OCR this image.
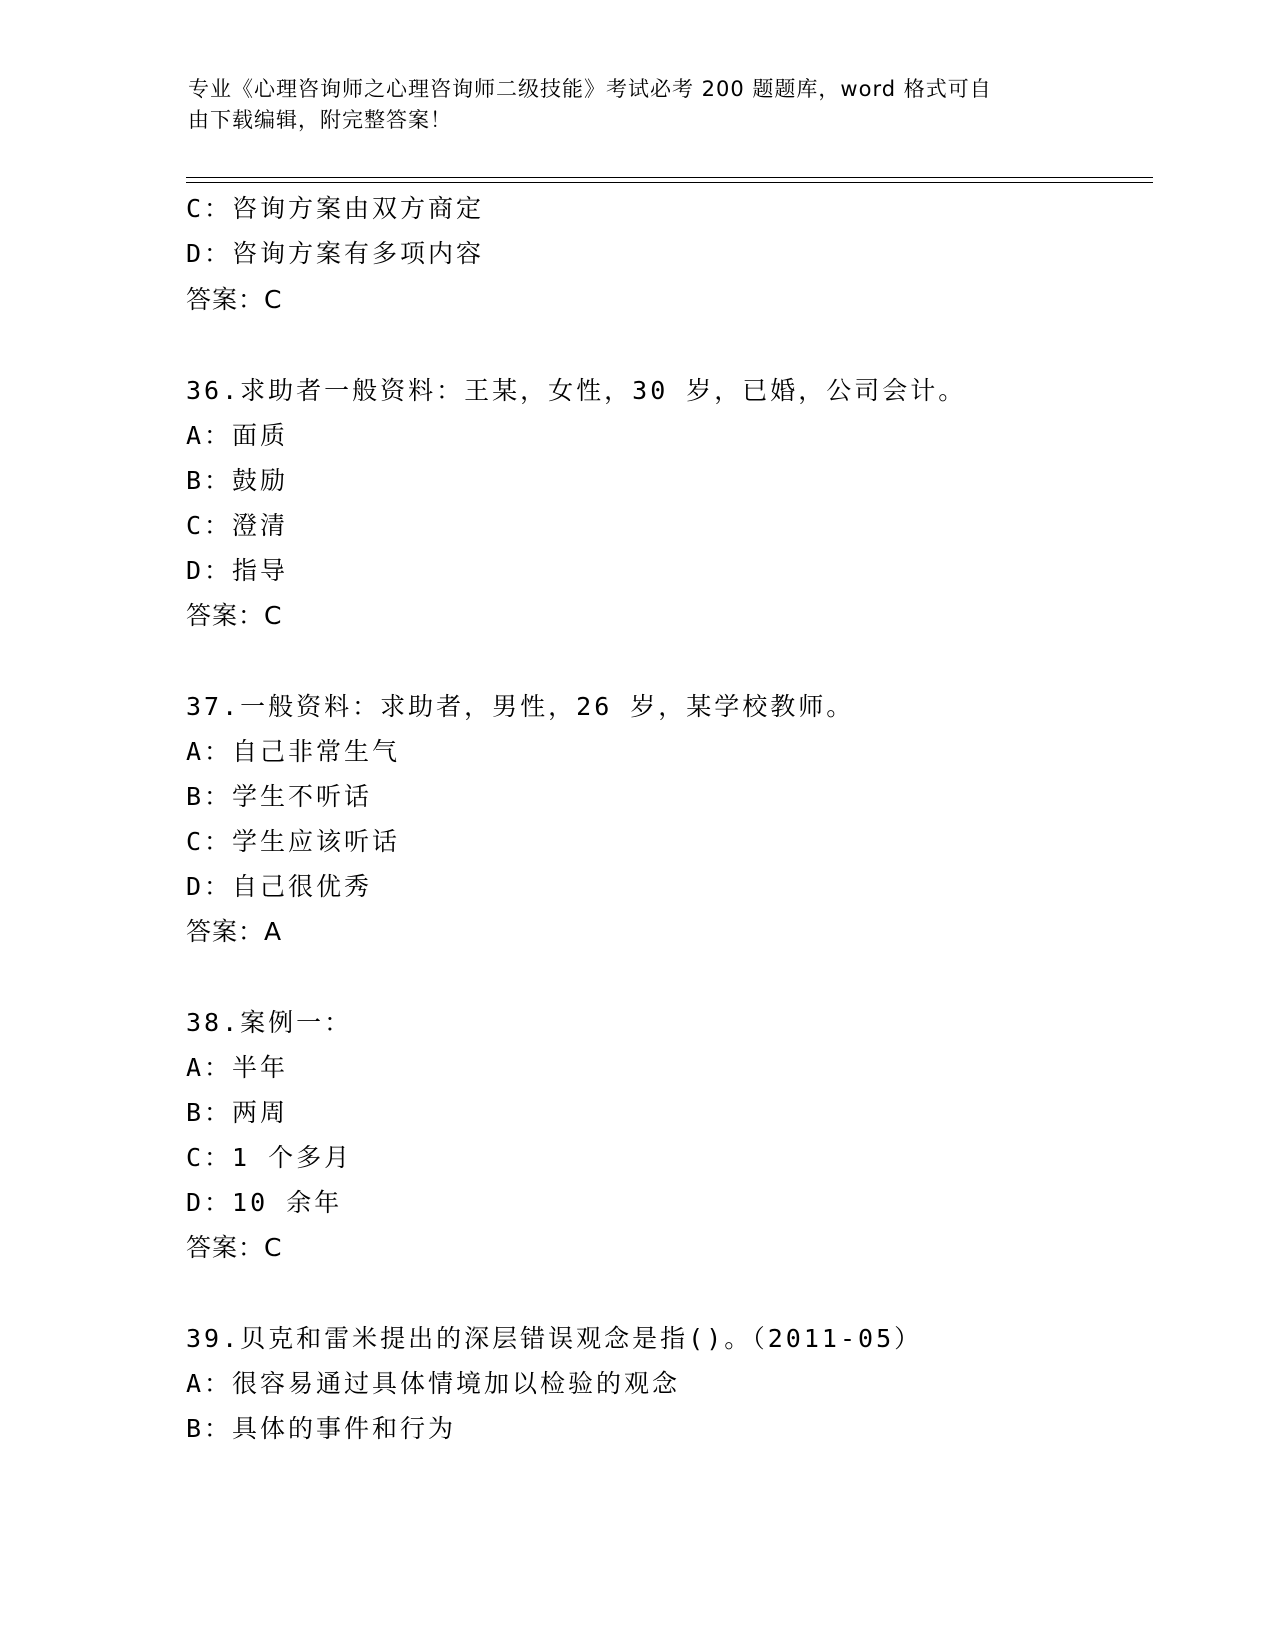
专业《心理咨询师之心理咨询师二级技能》考试必考 200 题题库，word 格式可自
由下载编辑，附完整答案！
C：咨询方案由双方商定
D：咨询方案有多项内容
答案：C
36.求助者一般资料：王某，女性，30 岁，已婚，公司会计。
A：面质
B：鼓励
C：澄清
D：指导
答案：C
37.一般资料：求助者，男性，26 岁，某学校教师。
A：自己非常生气
B：学生不听话
C：学生应该听话
D：自己很优秀
答案：A
38.案例一：
A：半年
B：两周
C：1 个多月
D：10 余年
答案：C
39.贝克和雷米提出的深层错误观念是指()。（2011-05）
A：很容易通过具体情境加以检验的观念
B：具体的事件和行为
